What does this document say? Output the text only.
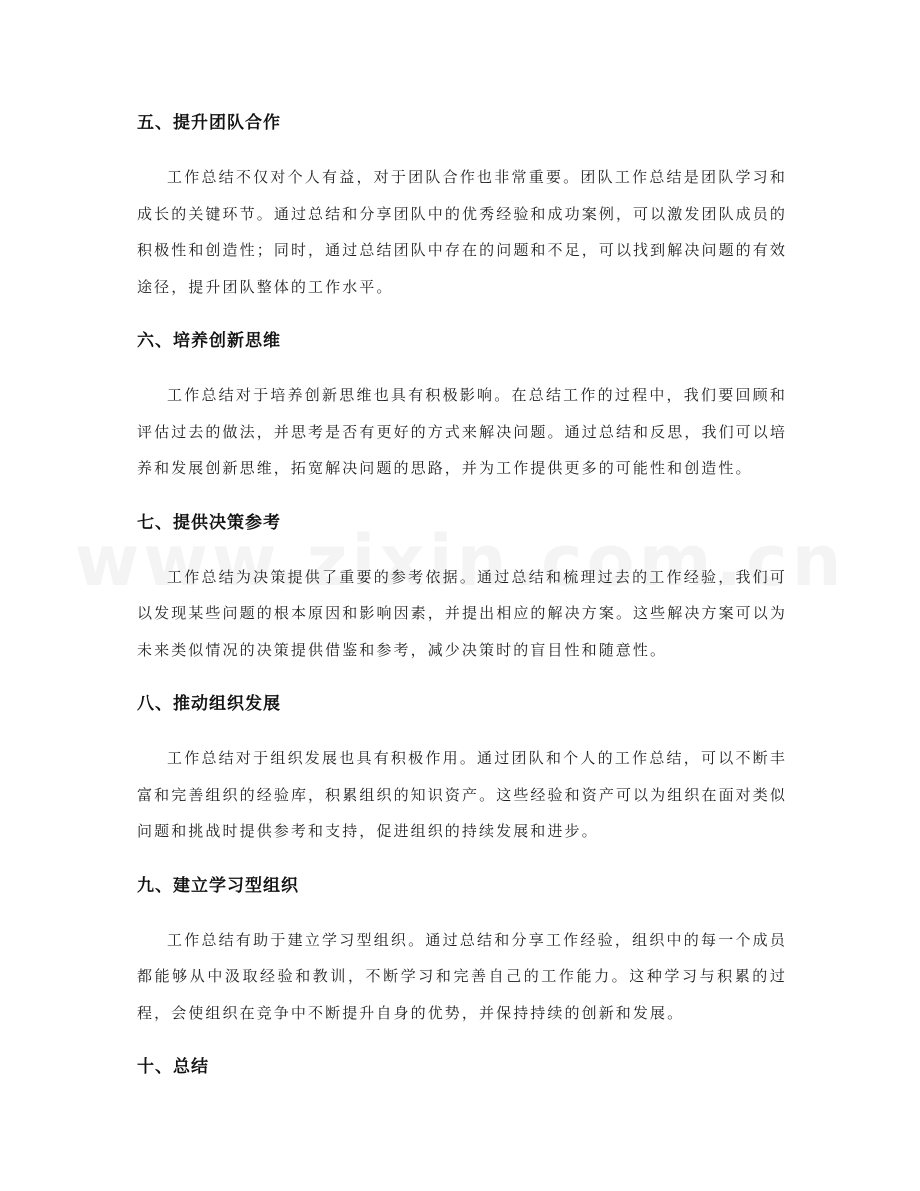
五、提升团队合作

工作总结不仅对个人有益，对于团队合作也非常重要。团队工作总结是团队学习和成长的关键环节。通过总结和分享团队中的优秀经验和成功案例，可以激发团队成员的积极性和创造性；同时，通过总结团队中存在的问题和不足，可以找到解决问题的有效途径，提升团队整体的工作水平。

六、培养创新思维

工作总结对于培养创新思维也具有积极影响。在总结工作的过程中，我们要回顾和评估过去的做法，并思考是否有更好的方式来解决问题。通过总结和反思，我们可以培养和发展创新思维，拓宽解决问题的思路，并为工作提供更多的可能性和创造性。

七、提供决策参考

工作总结为决策提供了重要的参考依据。通过总结和梳理过去的工作经验，我们可以发现某些问题的根本原因和影响因素，并提出相应的解决方案。这些解决方案可以为未来类似情况的决策提供借鉴和参考，减少决策时的盲目性和随意性。

八、推动组织发展

工作总结对于组织发展也具有积极作用。通过团队和个人的工作总结，可以不断丰富和完善组织的经验库，积累组织的知识资产。这些经验和资产可以为组织在面对类似问题和挑战时提供参考和支持，促进组织的持续发展和进步。

九、建立学习型组织

工作总结有助于建立学习型组织。通过总结和分享工作经验，组织中的每一个成员都能够从中汲取经验和教训，不断学习和完善自己的工作能力。这种学习与积累的过程，会使组织在竞争中不断提升自身的优势，并保持持续的创新和发展。

十、总结
